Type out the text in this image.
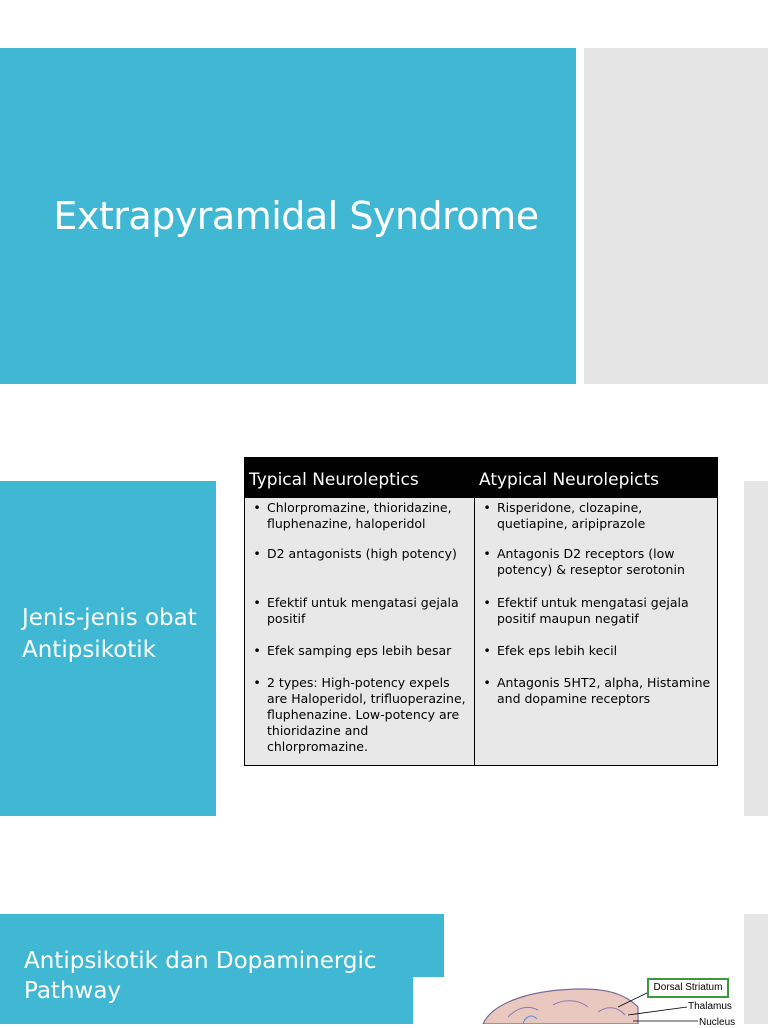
Extrapyramidal Syndrome
Jenis-jenis obat Antipsikotik
Typical Neuroleptics	Atypical Neurolepicts

• Chlorpromazine, thioridazine, fluphenazine, haloperidol	• Risperidone, clozapine, quetiapine, aripiprazole

• D2 antagonists (high potency)	• Antagonis D2 receptors (low potency) & reseptor serotonin

• Efektif untuk mengatasi gejala positif	• Efektif untuk mengatasi gejala positif maupun negatif

• Efek samping eps lebih besar	• Efek eps lebih kecil

• 2 types: High-potency expels are Haloperidol, trifluoperazine, fluphenazine. Low-potency are thioridazine and chlorpromazine.	• Antagonis 5HT2, alpha, Histamine and dopamine receptors
Antipsikotik dan Dopaminergic Pathway	Dorsal Striatum
Thalamus
Nucleus
